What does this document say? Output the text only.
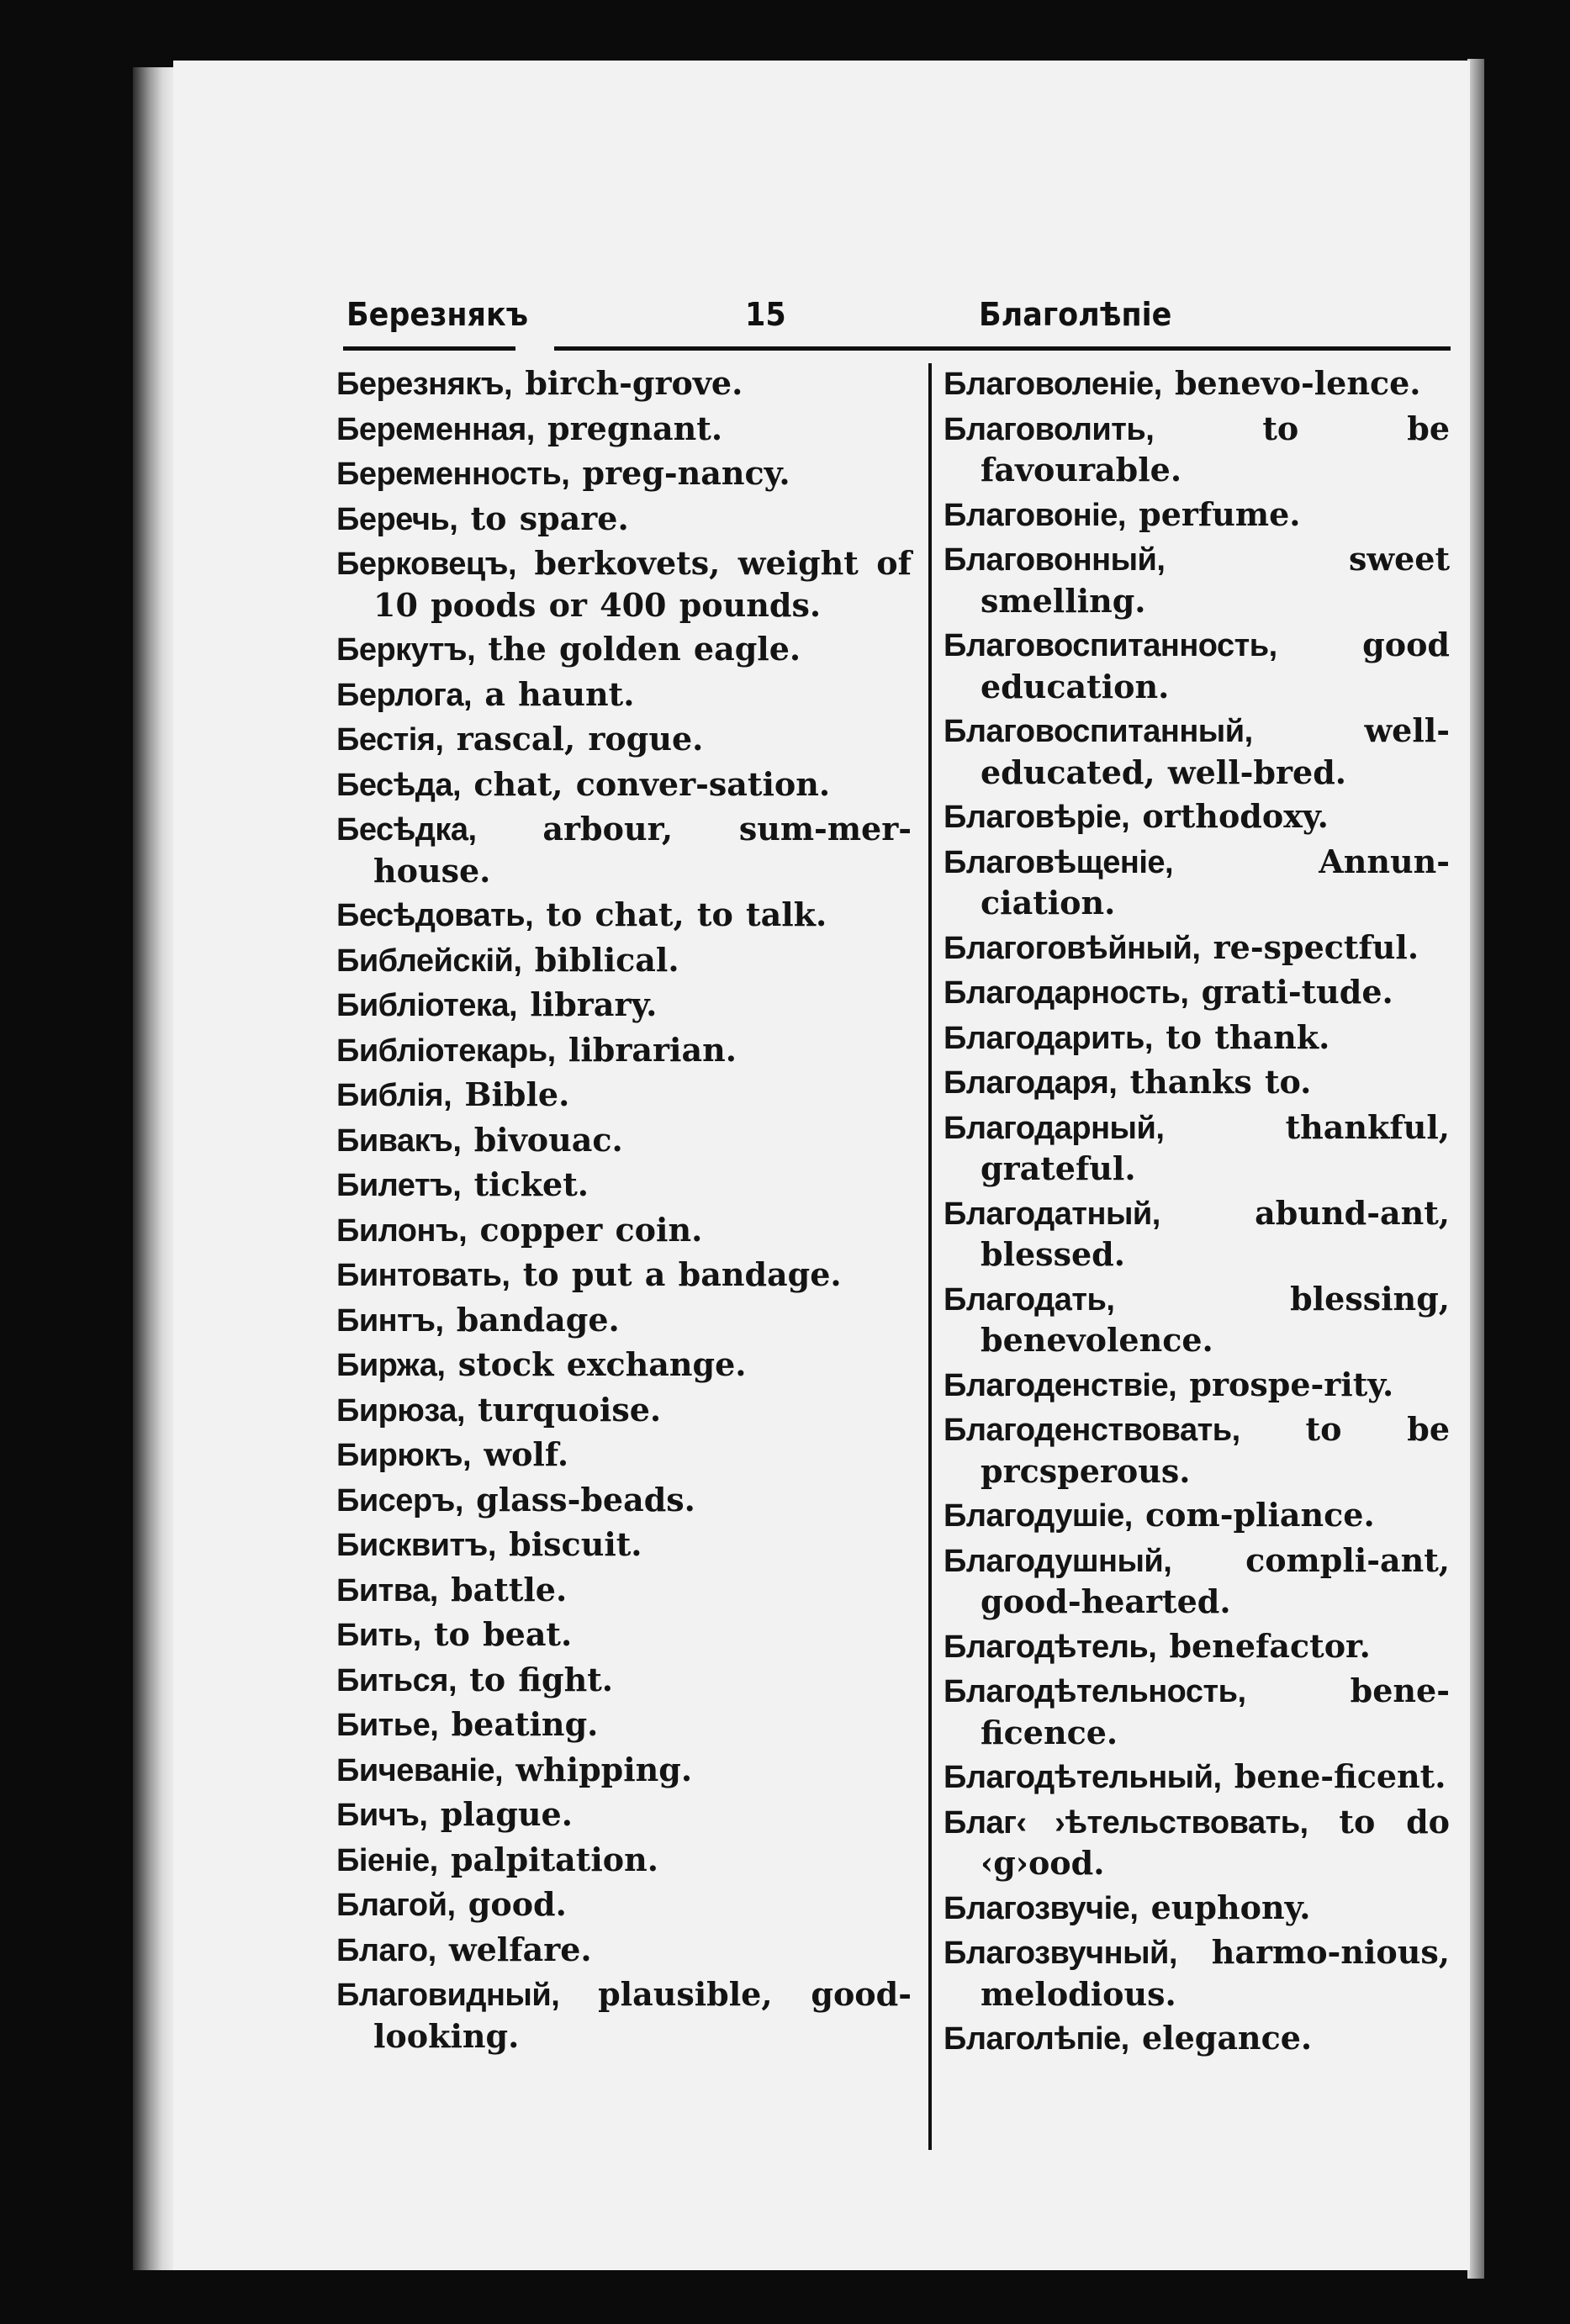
Березнякъ	15	Благолѣпіе
Березнякъ, birch-grove.
Беременная, pregnant.
Беременность, preg-nancy.
Беречь, to spare.
Берковецъ, berkovets, weight of 10 poods or 400 pounds.
Беркутъ, the golden eagle.
Берлога, a haunt.
Бестія, rascal, rogue.
Бесѣда, chat, conver-sation.
Бесѣдка, arbour, sum-mer-house.
Бесѣдовать, to chat, to talk.
Библейскій, biblical.
Библіотека, library.
Библіотекарь, librarian.
Библія, Bible.
Бивакъ, bivouac.
Билетъ, ticket.
Билонъ, copper coin.
Бинтовать, to put a bandage.
Бинтъ, bandage.
Биржа, stock exchange.
Бирюза, turquoise.
Бирюкъ, wolf.
Бисеръ, glass-beads.
Бисквитъ, biscuit.
Битва, battle.
Бить, to beat.
Биться, to fight.
Битье, beating.
Бичеваніе, whipping.
Бичъ, plague.
Біеніе, palpitation.
Благой, good.
Благо, welfare.
Благовидный, plausible, good-looking.
Благоволеніе, benevo-lence.
Благоволить,	to be favourable.
Благовоніе, perfume.
Благовонный,	sweet smelling.
Благовоспитанность,	good education.
Благовоспитанный,	well-educated, well-bred.
Благовѣріе, orthodoxy.
Благовѣщеніе,	Annun-ciation.
Благоговѣйный, re-spectful.
Благодарность, grati-tude.
Благодарить, to thank.
Благодаря, thanks to.
Благодарный,	thankful, grateful.
Благодатный,	abund-ant, blessed.
Благодать,	blessing, benevolence.
Благоденствіе, prospe-rity.
Благоденствовать, to be prcsperous.
Благодушіе, com-pliance.
Благодушный, compli-ant, good-hearted.
Благодѣтель, benefactor.
Благодѣтельность,	bene-ficence.
Благодѣтельный, bene-ficent.
Благ‹ ›ѣтельствовать, to do ‹g›ood.
Благозвучіе, euphony.
Благозвучный, harmo-nious, melodious.
Благолѣпіе, elegance.
